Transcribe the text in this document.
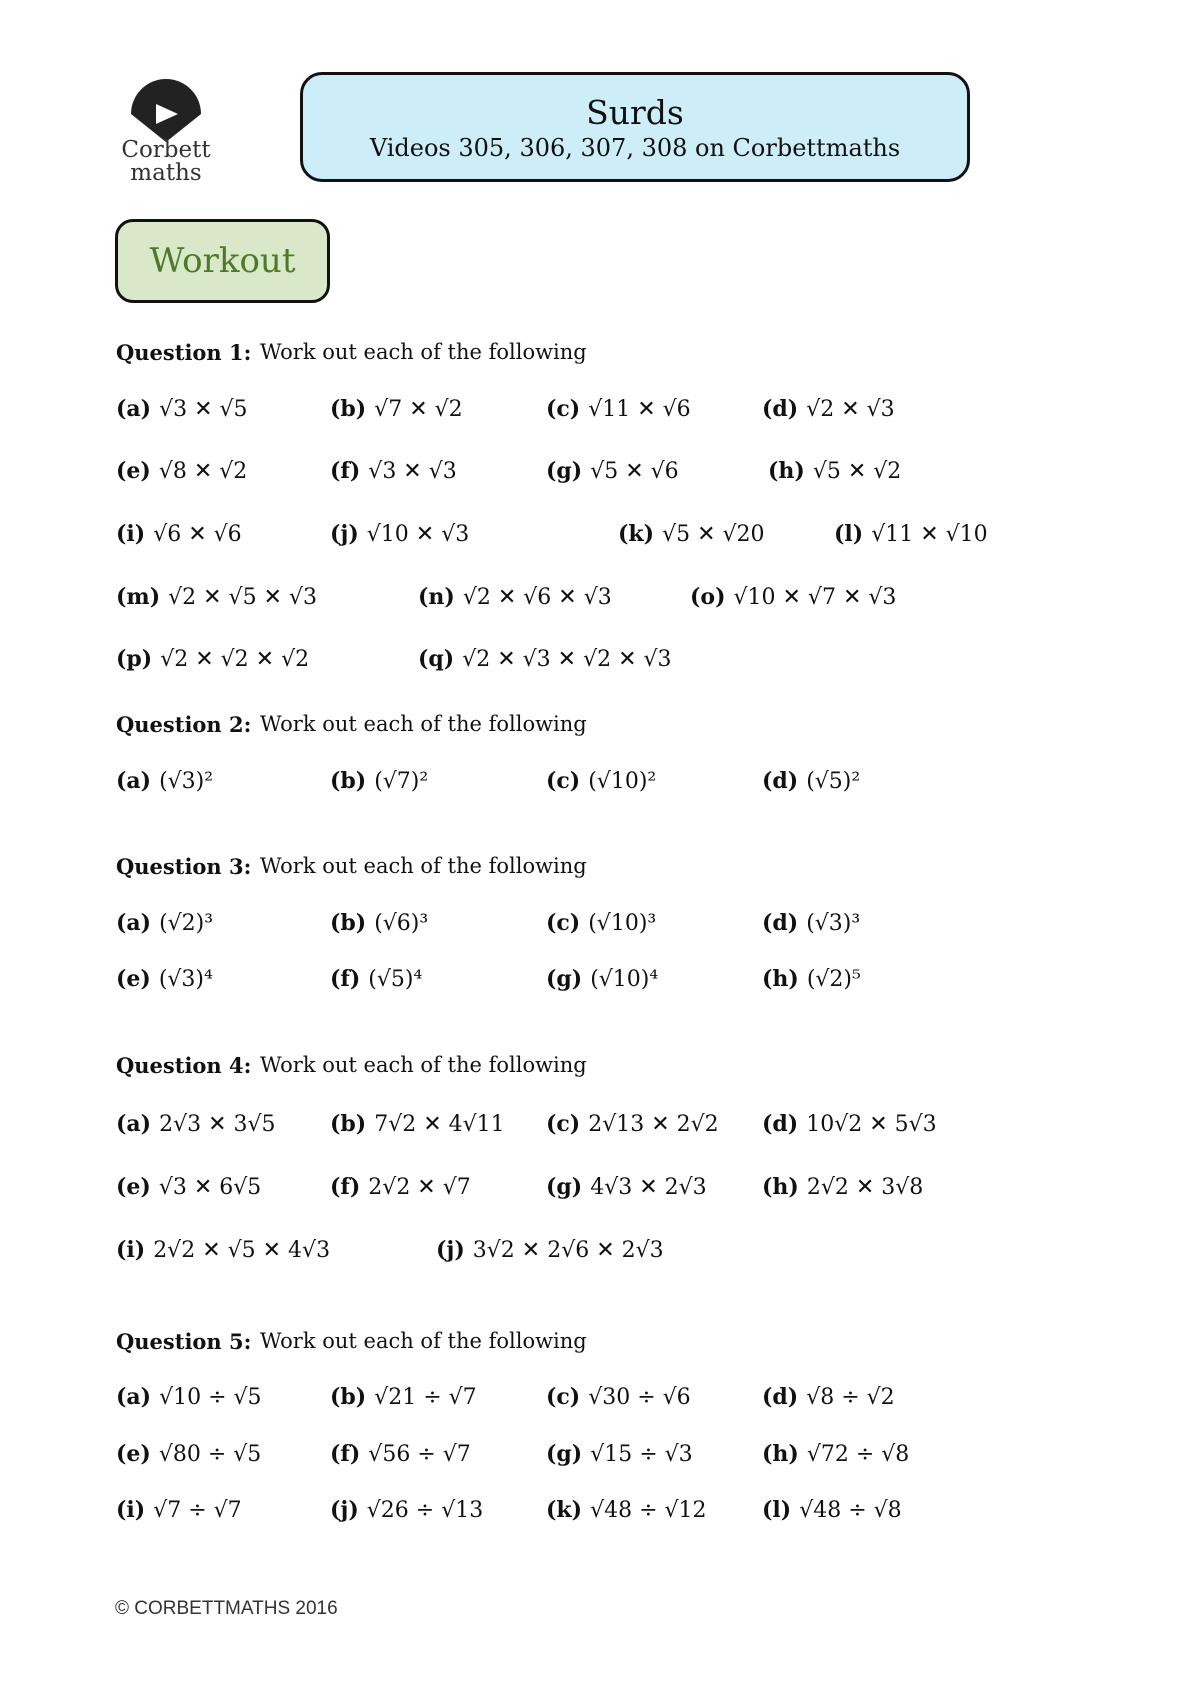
Corbett
maths
Surds
Videos 305, 306, 307, 308 on Corbettmaths
Workout
Question 1: Work out each of the following
(a) √3 ✕ √5	(b) √7 ✕ √2	(c) √11 ✕ √6	(d) √2 ✕ √3
(e) √8 ✕ √2	(f) √3 ✕ √3	(g) √5 ✕ √6	(h) √5 ✕ √2
(i) √6 ✕ √6	(j) √10 ✕ √3	(k) √5 ✕ √20	(l) √11 ✕ √10
(m) √2 ✕ √5 ✕ √3	(n) √2 ✕ √6 ✕ √3	(o) √10 ✕ √7 ✕ √3
(p) √2 ✕ √2 ✕ √2	(q) √2 ✕ √3 ✕ √2 ✕ √3
Question 2: Work out each of the following
(a) (√3)²	(b) (√7)²	(c) (√10)²	(d) (√5)²
Question 3: Work out each of the following
(a) (√2)³	(b) (√6)³	(c) (√10)³	(d) (√3)³
(e) (√3)⁴	(f) (√5)⁴	(g) (√10)⁴	(h) (√2)⁵
Question 4: Work out each of the following
(a) 2√3 ✕ 3√5 (b) 7√2 ✕ 4√11 (c) 2√13 ✕ 2√2 (d) 10√2 ✕ 5√3
(e) √3 ✕ 6√5	(f) 2√2 ✕ √7	(g) 4√3 ✕ 2√3	(h) 2√2 ✕ 3√8
(i) 2√2 ✕ √5 ✕ 4√3	(j) 3√2 ✕ 2√6 ✕ 2√3
Question 5: Work out each of the following
(a) √10 ÷ √5	(b) √21 ÷ √7	(c) √30 ÷ √6	(d) √8 ÷ √2
(e) √80 ÷ √5	(f) √56 ÷ √7	(g) √15 ÷ √3	(h) √72 ÷ √8
(i) √7 ÷ √7	(j) √26 ÷ √13	(k) √48 ÷ √12	(l) √48 ÷ √8
© CORBETTMATHS 2016
